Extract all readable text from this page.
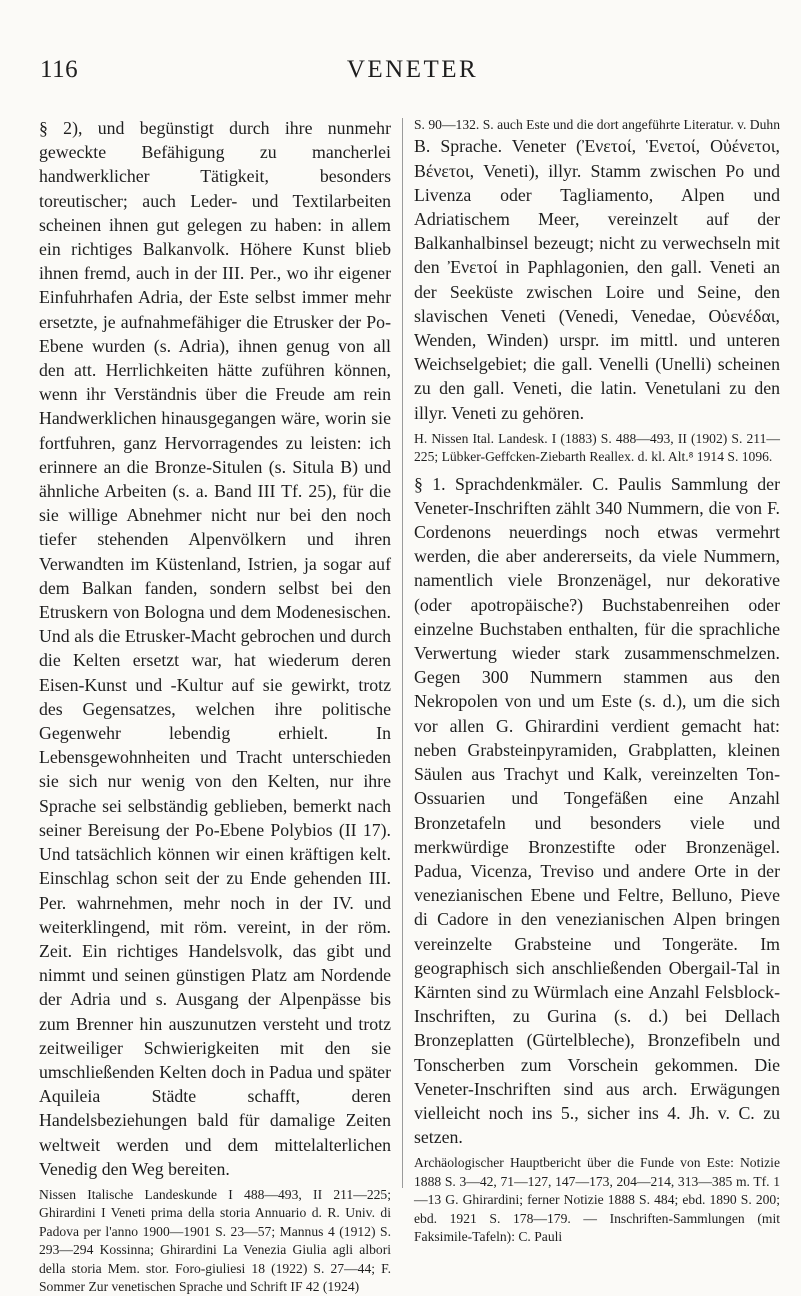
116	VENETER

§ 2), und begünstigt durch ihre nunmehr geweckte Befähigung zu mancherlei handwerklicher Tätigkeit, besonders toreutischer; auch Leder- und Textilarbeiten scheinen ihnen gut gelegen zu haben: in allem ein richtiges Balkanvolk. Höhere Kunst blieb ihnen fremd, auch in der III. Per., wo ihr eigener Einfuhrhafen Adria, der Este selbst immer mehr ersetzte, je aufnahmefähiger die Etrusker der Po-Ebene wurden (s. Adria), ihnen genug von all den att. Herrlichkeiten hätte zuführen können, wenn ihr Verständnis über die Freude am rein Handwerklichen hinausgegangen wäre, worin sie fortfuhren, ganz Hervorragendes zu leisten: ich erinnere an die Bronze-Situlen (s. Situla B) und ähnliche Arbeiten (s. a. Band III Tf. 25), für die sie willige Abnehmer nicht nur bei den noch tiefer stehenden Alpenvölkern und ihren Verwandten im Küstenland, Istrien, ja sogar auf dem Balkan fanden, sondern selbst bei den Etruskern von Bologna und dem Modenesischen. Und als die Etrusker-Macht gebrochen und durch die Kelten ersetzt war, hat wiederum deren Eisen-Kunst und -Kultur auf sie gewirkt, trotz des Gegensatzes, welchen ihre politische Gegenwehr lebendig erhielt. In Lebensgewohnheiten und Tracht unterschieden sie sich nur wenig von den Kelten, nur ihre Sprache sei selbständig geblieben, bemerkt nach seiner Bereisung der Po-Ebene Polybios (II 17). Und tatsächlich können wir einen kräftigen kelt. Einschlag schon seit der zu Ende gehenden III. Per. wahrnehmen, mehr noch in der IV. und weiterklingend, mit röm. vereint, in der röm. Zeit. Ein richtiges Handelsvolk, das gibt und nimmt und seinen günstigen Platz am Nordende der Adria und s. Ausgang der Alpenpässe bis zum Brenner hin auszunutzen versteht und trotz zeitweiliger Schwierigkeiten mit den sie umschließenden Kelten doch in Padua und später Aquileia Städte schafft, deren Handelsbeziehungen bald für damalige Zeiten weltweit werden und dem mittelalterlichen Venedig den Weg bereiten.

Nissen Italische Landeskunde I 488—493, II 211—225; Ghirardini I Veneti prima della storia Annuario d. R. Univ. di Padova per l'anno 1900—1901 S. 23—57; Mannus 4 (1912) S. 293—294 Kossinna; Ghirardini La Venezia Giulia agli albori della storia Mem. stor. Foro-giuliesi 18 (1922) S. 27—44; F. Sommer Zur venetischen Sprache und Schrift IF 42 (1924)

S. 90—132. S. auch Este und die dort angeführte Literatur. v. Duhn

B. Sprache. Veneter (Ἐνετοί, Ἑνετοί, Οὐένετοι, Βένετοι, Veneti), illyr. Stamm zwischen Po und Livenza oder Tagliamento, Alpen und Adriatischem Meer, vereinzelt auf der Balkanhalbinsel bezeugt; nicht zu verwechseln mit den Ἐνετοί in Paphlagonien, den gall. Veneti an der Seeküste zwischen Loire und Seine, den slavischen Veneti (Venedi, Venedae, Οὐενέδαι, Wenden, Winden) urspr. im mittl. und unteren Weichselgebiet; die gall. Venelli (Unelli) scheinen zu den gall. Veneti, die latin. Venetulani zu den illyr. Veneti zu gehören.

H. Nissen Ital. Landesk. I (1883) S. 488—493, II (1902) S. 211—225; Lübker-Geffcken-Ziebarth Reallex. d. kl. Alt.⁸ 1914 S. 1096.

§ 1. Sprachdenkmäler. C. Paulis Sammlung der Veneter-Inschriften zählt 340 Nummern, die von F. Cordenons neuerdings noch etwas vermehrt werden, die aber andererseits, da viele Nummern, namentlich viele Bronzenägel, nur dekorative (oder apotropäische?) Buchstabenreihen oder einzelne Buchstaben enthalten, für die sprachliche Verwertung wieder stark zusammenschmelzen. Gegen 300 Nummern stammen aus den Nekropolen von und um Este (s. d.), um die sich vor allen G. Ghirardini verdient gemacht hat: neben Grabsteinpyramiden, Grabplatten, kleinen Säulen aus Trachyt und Kalk, vereinzelten Ton-Ossuarien und Tongefäßen eine Anzahl Bronzetafeln und besonders viele und merkwürdige Bronzestifte oder Bronzenägel. Padua, Vicenza, Treviso und andere Orte in der venezianischen Ebene und Feltre, Belluno, Pieve di Cadore in den venezianischen Alpen bringen vereinzelte Grabsteine und Tongeräte. Im geographisch sich anschließenden Obergail-Tal in Kärnten sind zu Würmlach eine Anzahl Felsblock-Inschriften, zu Gurina (s. d.) bei Dellach Bronzeplatten (Gürtelbleche), Bronzefibeln und Tonscherben zum Vorschein gekommen. Die Veneter-Inschriften sind aus arch. Erwägungen vielleicht noch ins 5., sicher ins 4. Jh. v. C. zu setzen.

Archäologischer Hauptbericht über die Funde von Este: Notizie 1888 S. 3—42, 71—127, 147—173, 204—214, 313—385 m. Tf. 1—13 G. Ghirardini; ferner Notizie 1888 S. 484; ebd. 1890 S. 200; ebd. 1921 S. 178—179. — Inschriften-Sammlungen (mit Faksimile-Tafeln): C. Pauli
